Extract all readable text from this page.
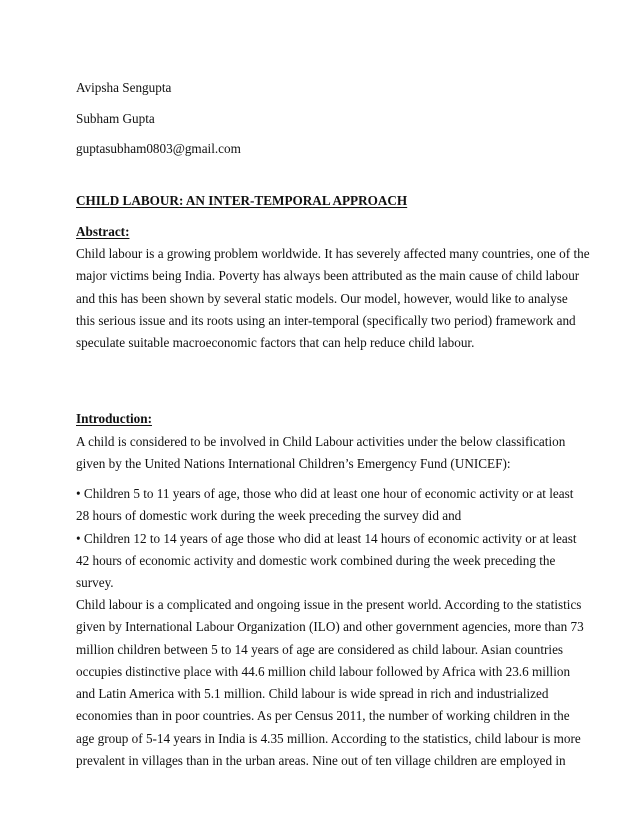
Avipsha Sengupta
Subham Gupta
guptasubham0803@gmail.com
CHILD LABOUR: AN INTER-TEMPORAL APPROACH
Abstract:
Child labour is a growing problem worldwide. It has severely affected many countries, one of the
major victims being India. Poverty has always been attributed as the main cause of child labour
and this has been shown by several static models. Our model, however, would like to analyse
this serious issue and its roots using an inter-temporal (specifically two period) framework and
speculate suitable macroeconomic factors that can help reduce child labour.
Introduction:
A child is considered to be involved in Child Labour activities under the below classification
given by the United Nations International Children’s Emergency Fund (UNICEF):
• Children 5 to 11 years of age, those who did at least one hour of economic activity or at least
28 hours of domestic work during the week preceding the survey did and
• Children 12 to 14 years of age those who did at least 14 hours of economic activity or at least
42 hours of economic activity and domestic work combined during the week preceding the
survey.
Child labour is a complicated and ongoing issue in the present world. According to the statistics
given by International Labour Organization (ILO) and other government agencies, more than 73
million children between 5 to 14 years of age are considered as child labour. Asian countries
occupies distinctive place with 44.6 million child labour followed by Africa with 23.6 million
and Latin America with 5.1 million. Child labour is wide spread in rich and industrialized
economies than in poor countries. As per Census 2011, the number of working children in the
age group of 5-14 years in India is 4.35 million. According to the statistics, child labour is more
prevalent in villages than in the urban areas. Nine out of ten village children are employed in
